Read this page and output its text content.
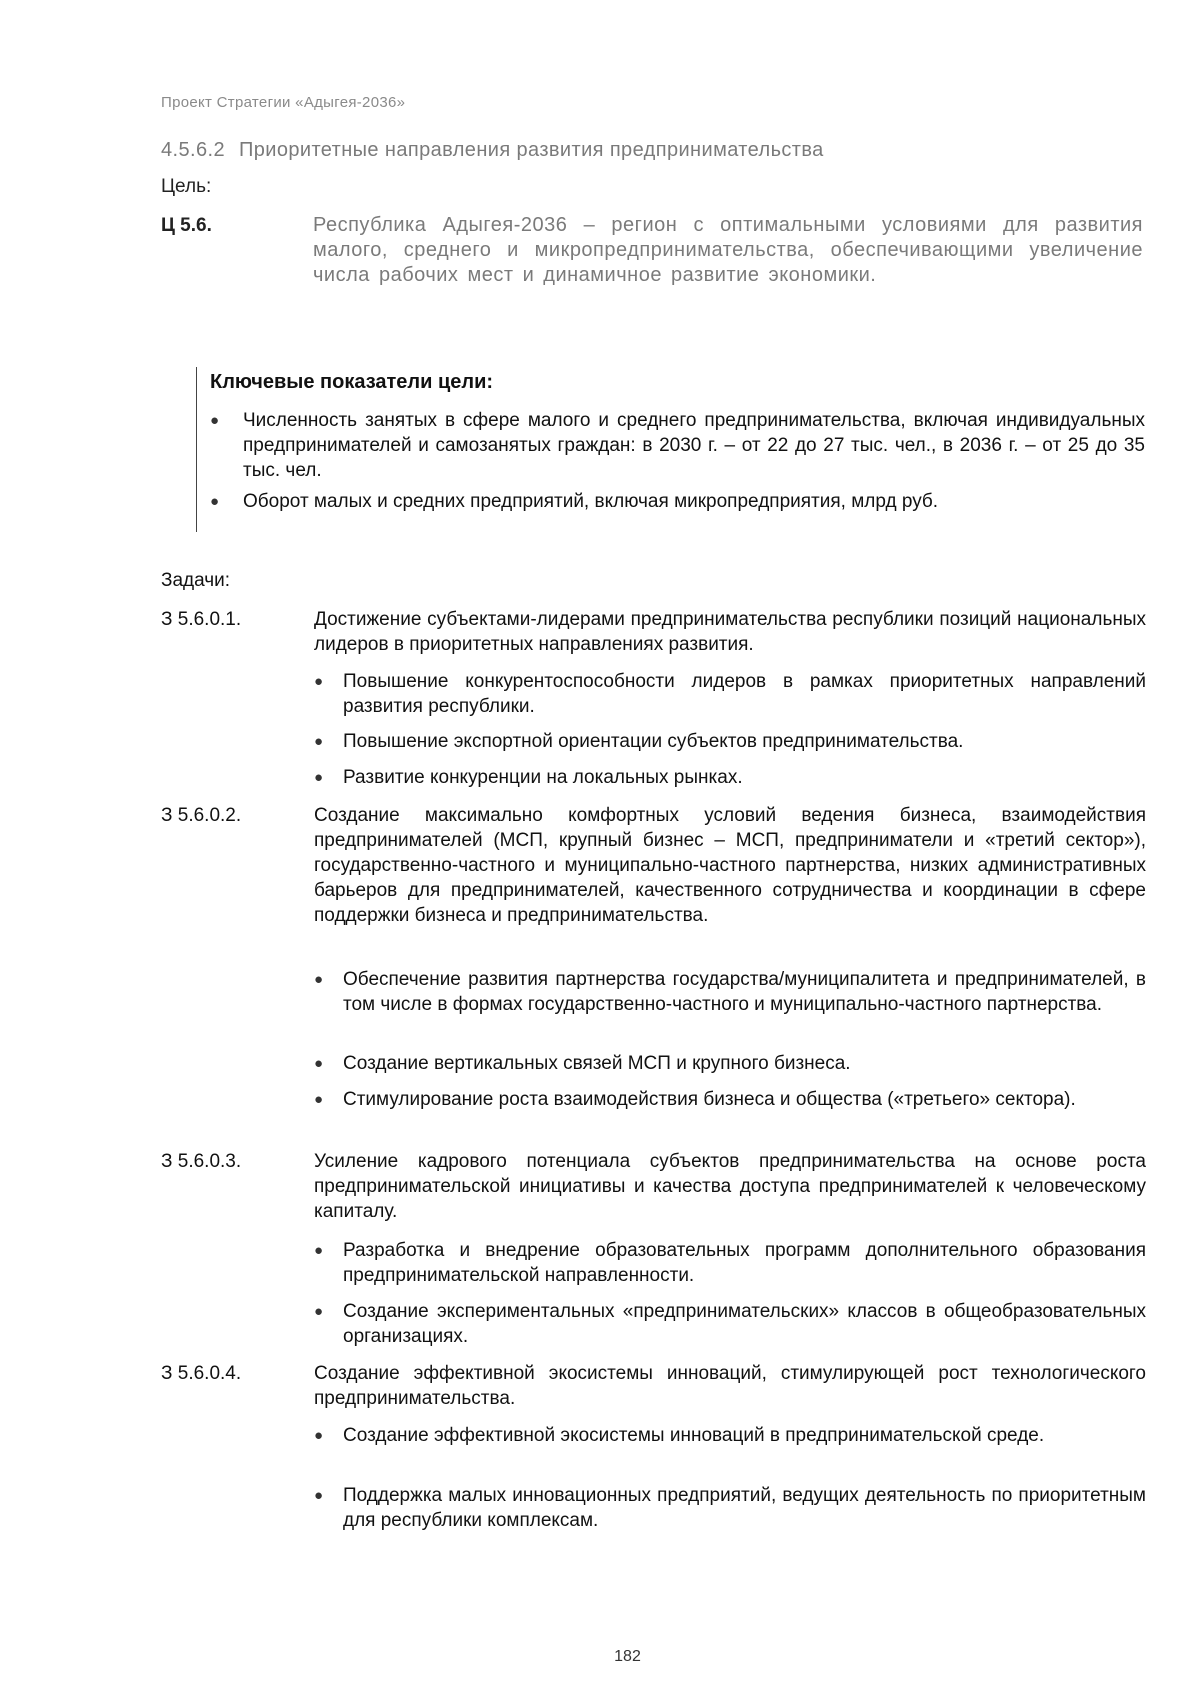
Проект Стратегии «Адыгея-2036»
4.5.6.2 Приоритетные направления развития предпринимательства
Цель:
Ц 5.6.	Республика Адыгея-2036 – регион с оптимальными условиями для развития малого, среднего и микропредпринимательства, обеспечивающими увеличение числа рабочих мест и динамичное развитие экономики.
Ключевые показатели цели:
●	Численность занятых в сфере малого и среднего предпринимательства, включая индивидуальных предпринимателей и самозанятых граждан: в 2030 г. – от 22 до 27 тыс. чел., в 2036 г. – от 25 до 35 тыс. чел.
●	Оборот малых и средних предприятий, включая микропредприятия, млрд руб.
Задачи:
З 5.6.0.1.	Достижение субъектами-лидерами предпринимательства республики позиций национальных лидеров в приоритетных направлениях развития.
●	Повышение конкурентоспособности лидеров в рамках приоритетных направлений развития республики.
●	Повышение экспортной ориентации субъектов предпринимательства.
●	Развитие конкуренции на локальных рынках.
З 5.6.0.2.	Создание максимально комфортных условий ведения бизнеса, взаимодействия предпринимателей (МСП, крупный бизнес – МСП, предприниматели и «третий сектор»), государственно-частного и муниципально-частного партнерства, низких административных барьеров для предпринимателей, качественного сотрудничества и координации в сфере поддержки бизнеса и предпринимательства.
●	Обеспечение развития партнерства государства/муниципалитета и предпринимателей, в том числе в формах государственно-частного и муниципально-частного партнерства.
●	Создание вертикальных связей МСП и крупного бизнеса.
●	Стимулирование роста взаимодействия бизнеса и общества («третьего» сектора).
З 5.6.0.3.	Усиление кадрового потенциала субъектов предпринимательства на основе роста предпринимательской инициативы и качества доступа предпринимателей к человеческому капиталу.
●	Разработка и внедрение образовательных программ дополнительного образования предпринимательской направленности.
●	Создание экспериментальных «предпринимательских» классов в общеобразовательных организациях.
З 5.6.0.4.	Создание эффективной экосистемы инноваций, стимулирующей рост технологического предпринимательства.
●	Создание эффективной экосистемы инноваций в предпринимательской среде.
●	Поддержка малых инновационных предприятий, ведущих деятельность по приоритетным для республики комплексам.
182
